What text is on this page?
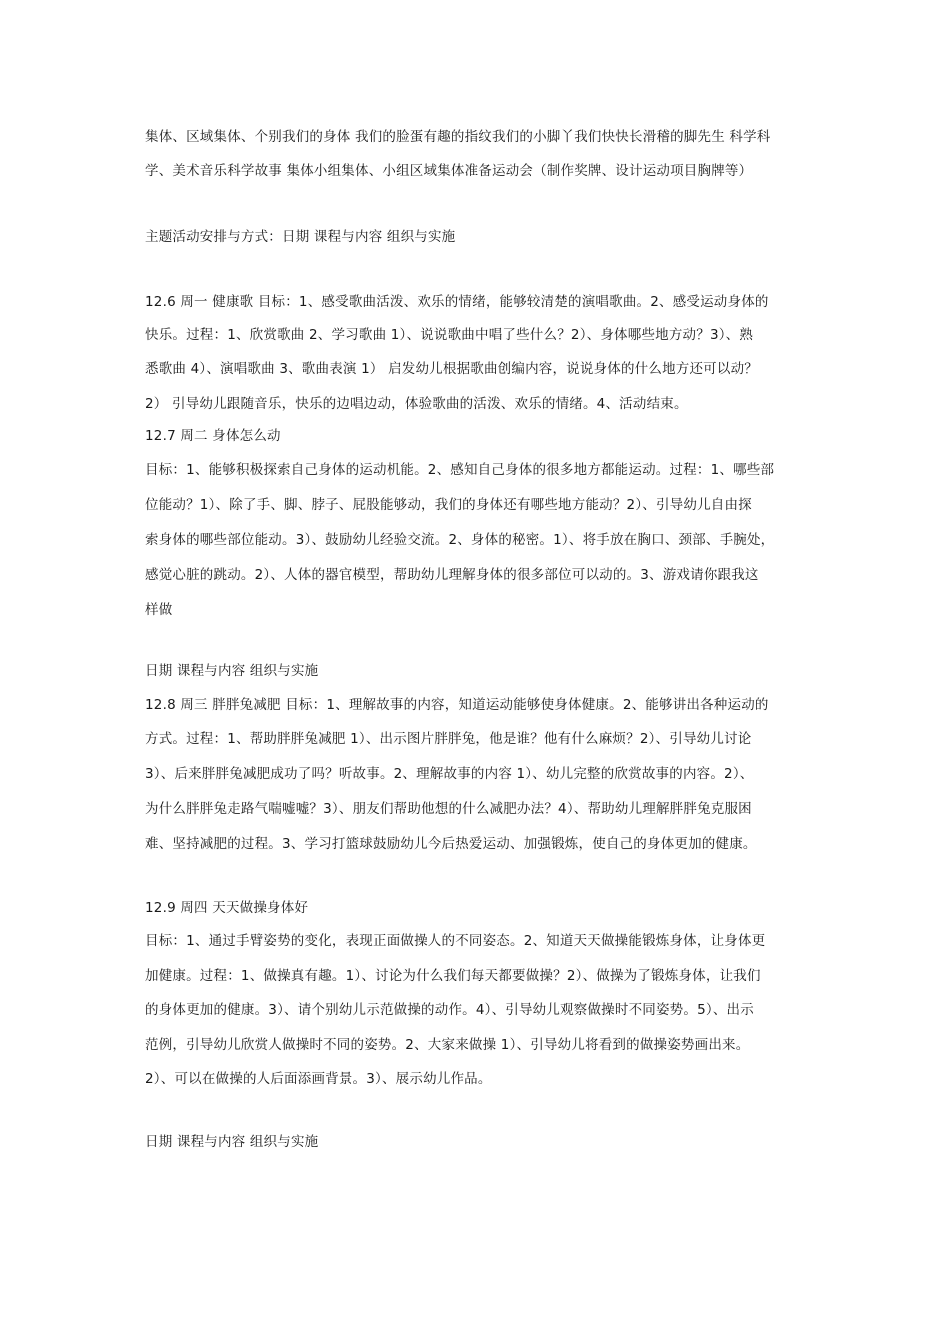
集体、区域集体、个别我们的身体 我们的脸蛋有趣的指纹我们的小脚丫我们快快长滑稽的脚先生 科学科
学、美术音乐科学故事 集体小组集体、小组区域集体准备运动会（制作奖牌、设计运动项目胸牌等）
主题活动安排与方式：日期 课程与内容 组织与实施
12.6 周一 健康歌 目标：1、感受歌曲活泼、欢乐的情绪，能够较清楚的演唱歌曲。2、感受运动身体的
快乐。过程：1、欣赏歌曲 2、学习歌曲 1）、说说歌曲中唱了些什么？2）、身体哪些地方动？3）、熟
悉歌曲 4）、演唱歌曲 3、歌曲表演 1） 启发幼儿根据歌曲创编内容，说说身体的什么地方还可以动？
2） 引导幼儿跟随音乐，快乐的边唱边动，体验歌曲的活泼、欢乐的情绪。4、活动结束。
12.7 周二 身体怎么动
目标：1、能够积极探索自己身体的运动机能。2、感知自己身体的很多地方都能运动。过程：1、哪些部
位能动？1）、除了手、脚、脖子、屁股能够动，我们的身体还有哪些地方能动？2）、引导幼儿自由探
索身体的哪些部位能动。3）、鼓励幼儿经验交流。2、身体的秘密。1）、将手放在胸口、颈部、手腕处，
感觉心脏的跳动。2）、人体的器官模型，帮助幼儿理解身体的很多部位可以动的。3、游戏请你跟我这
样做
日期 课程与内容 组织与实施
12.8 周三 胖胖兔减肥 目标：1、理解故事的内容，知道运动能够使身体健康。2、能够讲出各种运动的
方式。过程：1、帮助胖胖兔减肥 1）、出示图片胖胖兔，他是谁？他有什么麻烦？2）、引导幼儿讨论
3）、后来胖胖兔减肥成功了吗？听故事。2、理解故事的内容 1）、幼儿完整的欣赏故事的内容。2）、
为什么胖胖兔走路气喘嘘嘘？3）、朋友们帮助他想的什么减肥办法？4）、帮助幼儿理解胖胖兔克服困
难、坚持减肥的过程。3、学习打篮球鼓励幼儿今后热爱运动、加强锻炼，使自己的身体更加的健康。
12.9 周四 天天做操身体好
目标：1、通过手臂姿势的变化，表现正面做操人的不同姿态。2、知道天天做操能锻炼身体，让身体更
加健康。过程：1、做操真有趣。1）、讨论为什么我们每天都要做操？2）、做操为了锻炼身体，让我们
的身体更加的健康。3）、请个别幼儿示范做操的动作。4）、引导幼儿观察做操时不同姿势。5）、出示
范例，引导幼儿欣赏人做操时不同的姿势。2、大家来做操 1）、引导幼儿将看到的做操姿势画出来。
2）、可以在做操的人后面添画背景。3）、展示幼儿作品。
日期 课程与内容 组织与实施
